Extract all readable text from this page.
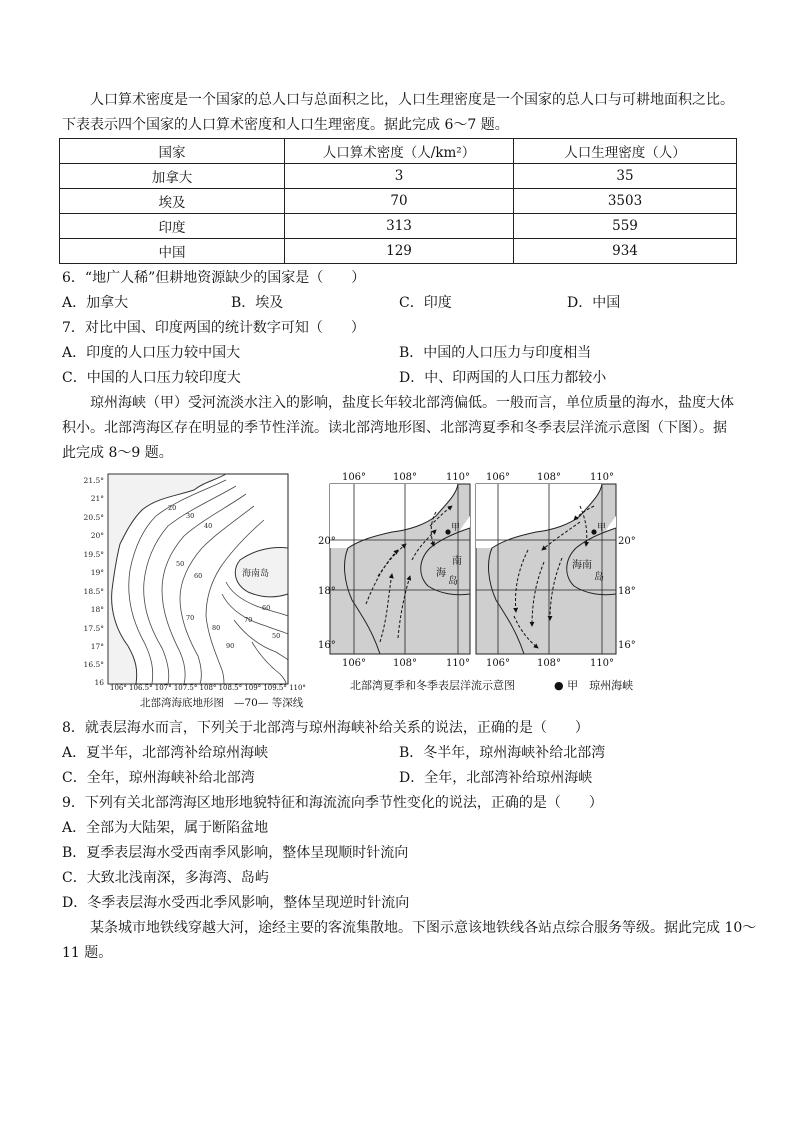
人口算术密度是一个国家的总人口与总面积之比，人口生理密度是一个国家的总人口与可耕地面积之比。
下表表示四个国家的人口算术密度和人口生理密度。据此完成 6～7 题。
国家	人口算术密度（人/km²）	人口生理密度（人）
加拿大	3	35
埃及	70	3503
印度	313	559
中国	129	934
6．“地广人稀”但耕地资源缺少的国家是（　　）
A．加拿大	B．埃及	C．印度	D．中国
7．对比中国、印度两国的统计数字可知（　　）
A．印度的人口压力较中国大	B．中国的人口压力与印度相当
C．中国的人口压力较印度大	D．中、印两国的人口压力都较小
琼州海峡（甲）受河流淡水注入的影响，盐度长年较北部湾偏低。一般而言，单位质量的海水，盐度大体
积小。北部湾海区存在明显的季节性洋流。读北部湾地形图、北部湾夏季和冬季表层洋流示意图（下图）。据
此完成 8～9 题。
21.5°
21°
20.5°
20°
19.5°
19°
18.5°
18°
17.5°
17°
16.5°
16
20
30
40
50
60
70
80
90
70
60
50
海南岛
106° 106.5° 107° 107.5° 108° 108.5° 109° 109.5° 110°
北部湾海底地形图 —70— 等深线
106°	108°	110° 106°	108°	110°
甲
海
南
岛
甲
海南
岛
20°
18°
16°
20°
18°
16°
106°	108°	110° 106°	108°	110°
北部湾夏季和冬季表层洋流示意图	● 甲　琼州海峡
8．就表层海水而言，下列关于北部湾与琼州海峡补给关系的说法，正确的是（　　）
A．夏半年，北部湾补给琼州海峡	B．冬半年，琼州海峡补给北部湾
C．全年，琼州海峡补给北部湾	D．全年，北部湾补给琼州海峡
9．下列有关北部湾海区地形地貌特征和海流流向季节性变化的说法，正确的是（　　）
A．全部为大陆架，属于断陷盆地
B．夏季表层海水受西南季风影响，整体呈现顺时针流向
C．大致北浅南深，多海湾、岛屿
D．冬季表层海水受西北季风影响，整体呈现逆时针流向
某条城市地铁线穿越大河，途经主要的客流集散地。下图示意该地铁线各站点综合服务等级。据此完成 10～
11 题。
